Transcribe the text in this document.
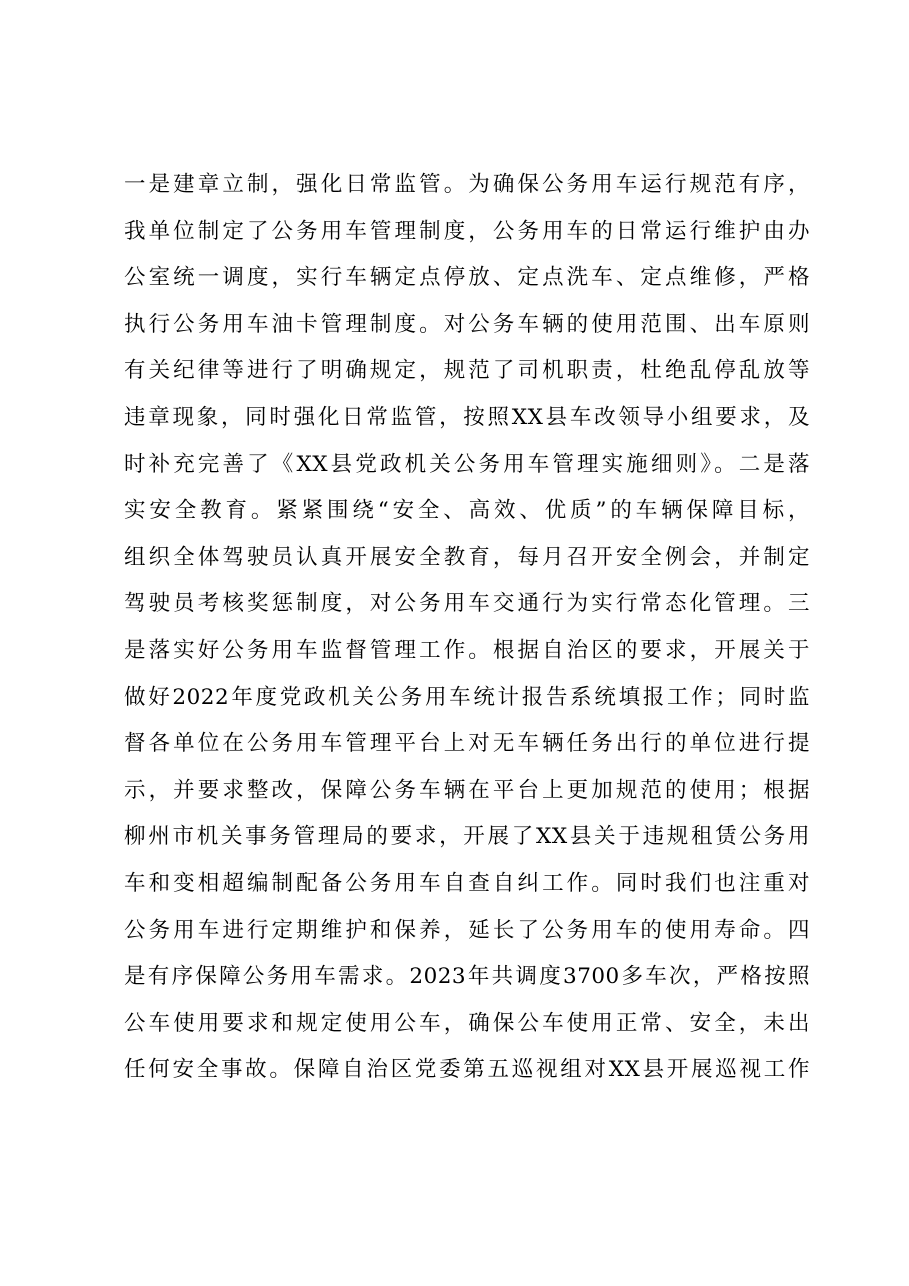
一是建章立制，强化日常监管。为确保公务用车运行规范有序，
我单位制定了公务用车管理制度，公务用车的日常运行维护由办
公室统一调度，实行车辆定点停放、定点洗车、定点维修，严格
执行公务用车油卡管理制度。对公务车辆的使用范围、出车原则
有关纪律等进行了明确规定，规范了司机职责，杜绝乱停乱放等
违章现象，同时强化日常监管，按照XX县车改领导小组要求，及
时补充完善了《XX县党政机关公务用车管理实施细则》。二是落
实安全教育。紧紧围绕“安全、高效、优质”的车辆保障目标，
组织全体驾驶员认真开展安全教育，每月召开安全例会，并制定
驾驶员考核奖惩制度，对公务用车交通行为实行常态化管理。三
是落实好公务用车监督管理工作。根据自治区的要求，开展关于
做好2022年度党政机关公务用车统计报告系统填报工作；同时监
督各单位在公务用车管理平台上对无车辆任务出行的单位进行提
示，并要求整改，保障公务车辆在平台上更加规范的使用；根据
柳州市机关事务管理局的要求，开展了XX县关于违规租赁公务用
车和变相超编制配备公务用车自查自纠工作。同时我们也注重对
公务用车进行定期维护和保养，延长了公务用车的使用寿命。四
是有序保障公务用车需求。2023年共调度3700多车次，严格按照
公车使用要求和规定使用公车，确保公车使用正常、安全，未出
任何安全事故。保障自治区党委第五巡视组对XX县开展巡视工作
